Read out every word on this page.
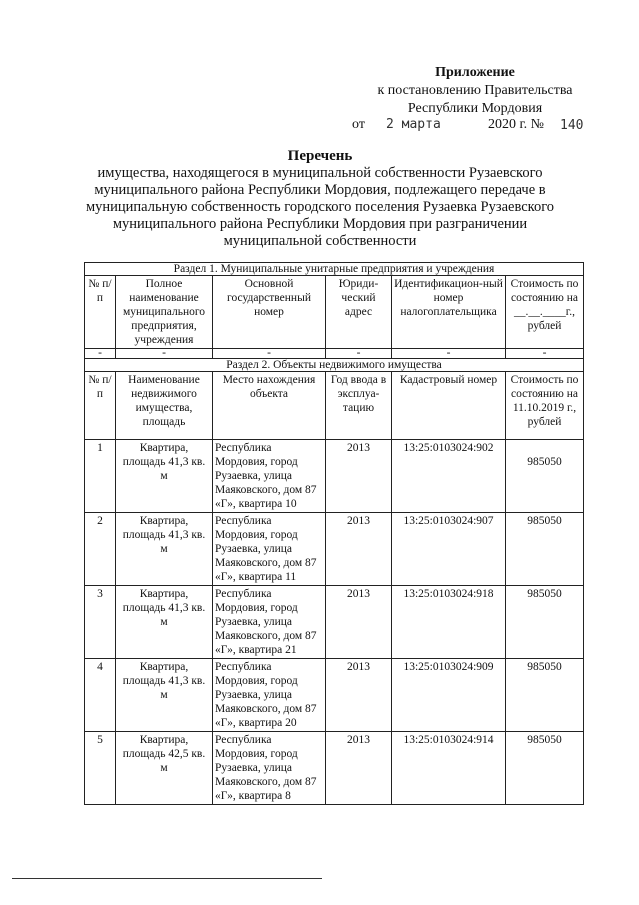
Приложение
к постановлению Правительства
Республики Мордовия
от 2 марта	2020 г. № 140
Перечень
имущества, находящегося в муниципальной собственности Рузаевского
муниципального района Республики Мордовия, подлежащего передаче в
муниципальную собственность городского поселения Рузаевка Рузаевского
муниципального района Республики Мордовия при разграничении
муниципальной собственности
Раздел 1. Муниципальные унитарные предприятия и учреждения					
№ п/п	Полное наименование муниципального предприятия, учреждения	Основной государственный номер	Юриди-ческий адрес	Идентификацион-ный номер налогоплательщика	Стоимость по состоянию на __.__.____г., рублей
-	-	-	-	-	-
Раздел 2. Объекты недвижимого имущества					
№ п/п	Наименование недвижимого имущества, площадь	Место нахождения объекта	Год ввода в эксплуа-тацию	Кадастровый номер	Стоимость по состоянию на 11.10.2019 г., рублей
1	Квартира, площадь 41,3 кв. м	Республика Мордовия, город Рузаевка, улица Маяковского, дом 87 «Г», квартира 10	2013	13:25:0103024:902	985050

2	Квартира, площадь 41,3 кв. м	Республика Мордовия, город Рузаевка, улица Маяковского, дом 87 «Г», квартира 11	2013	13:25:0103024:907	985050
3	Квартира, площадь 41,3 кв. м	Республика Мордовия, город Рузаевка, улица Маяковского, дом 87 «Г», квартира 21	2013	13:25:0103024:918	985050
4	Квартира, площадь 41,3 кв. м	Республика Мордовия, город Рузаевка, улица Маяковского, дом 87 «Г», квартира 20	2013	13:25:0103024:909	985050
5	Квартира, площадь 42,5 кв. м	Республика Мордовия, город Рузаевка, улица Маяковского, дом 87 «Г», квартира 8	2013	13:25:0103024:914	985050
